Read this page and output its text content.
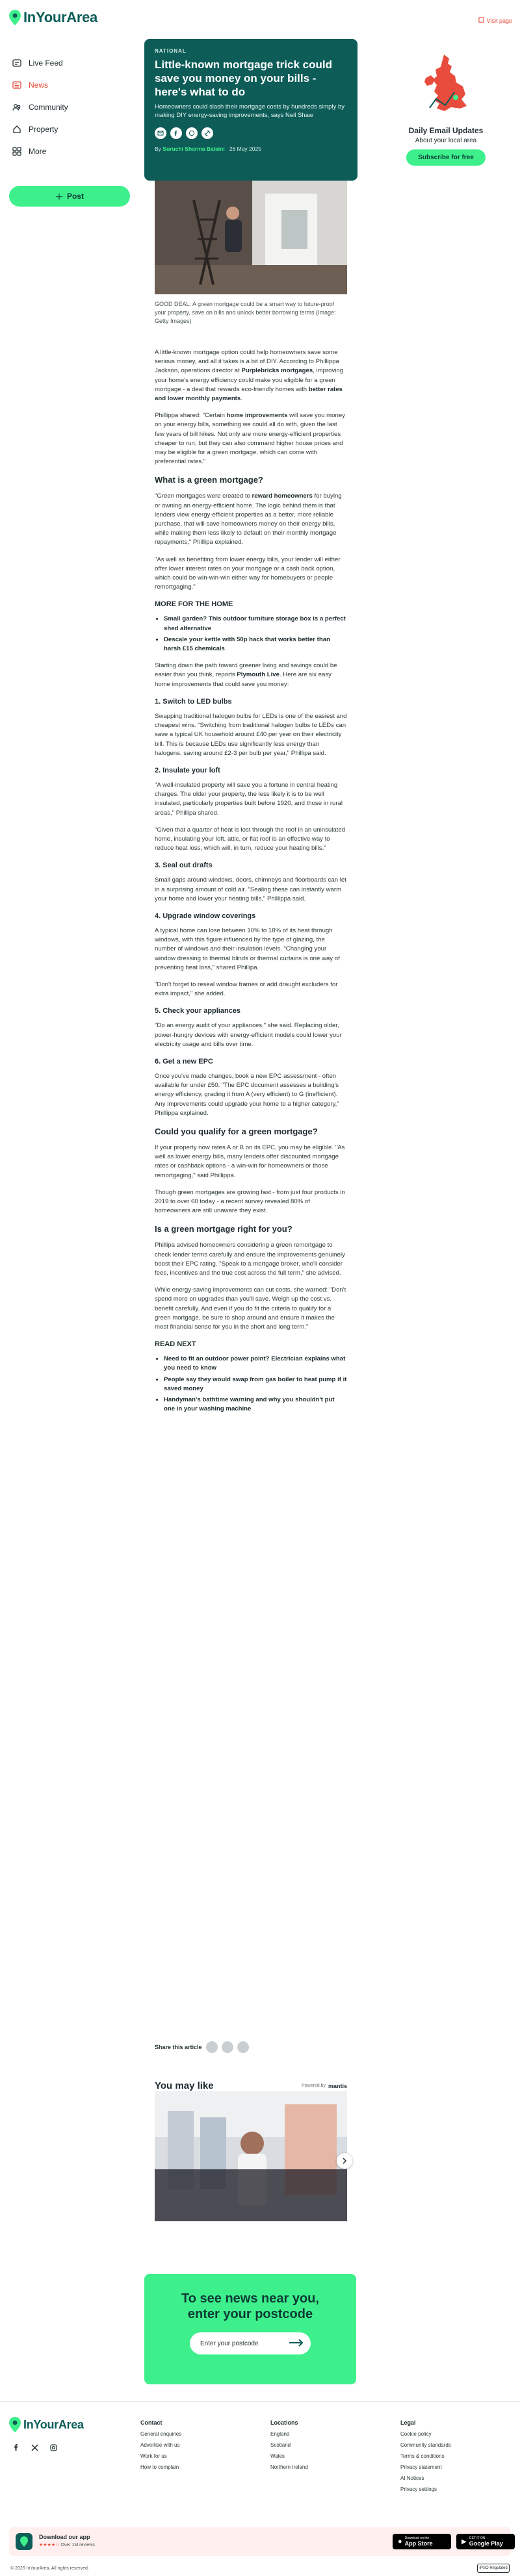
InYourArea	Visit page
Live Feed
News
Community
Property
More
＋ Post
Daily Email Updates
About your local area
Subscribe for free
NATIONAL
Little-known mortgage trick could save you money on your bills - here's what to do
Homeowners could slash their mortgage costs by hundreds simply by making DIY energy-saving improvements, says Neil Shaw
By Suruchi Sharma Balaini 26 May 2025
GOOD DEAL: A green mortgage could be a smart way to future-proof your property, save on bills and unlock better borrowing terms (Image: Getty Images)

A little-known mortgage option could help homeowners save some serious money, and all it takes is a bit of DIY. According to Phillippa Jackson, operations director at Purplebricks mortgages, improving your home's energy efficiency could make you eligible for a green mortgage - a deal that rewards eco-friendly homes with better rates and lower monthly payments.

Phillippa shared: "Certain home improvements will save you money on your energy bills, something we could all do with, given the last few years of bill hikes. Not only are more energy-efficient properties cheaper to run, but they can also command higher house prices and may be eligible for a green mortgage, which can come with preferential rates."

What is a green mortgage?

"Green mortgages were created to reward homeowners for buying or owning an energy-efficient home. The logic behind them is that lenders view energy-efficient properties as a better, more reliable purchase, that will save homeowners money on their energy bills, while making them less likely to default on their monthly mortgage repayments," Phillipa explained.

"As well as benefiting from lower energy bills, your lender will either offer lower interest rates on your mortgage or a cash back option, which could be win-win-win either way for homebuyers or people remortgaging."

MORE FOR THE HOME
• Small garden? This outdoor furniture storage box is a perfect shed alternative
• Descale your kettle with 50p hack that works better than harsh £15 chemicals

Starting down the path toward greener living and savings could be easier than you think, reports Plymouth Live. Here are six easy home improvements that could save you money:

1. Switch to LED bulbs

Swapping traditional halogen bulbs for LEDs is one of the easiest and cheapest wins. "Switching from traditional halogen bulbs to LEDs can save a typical UK household around £40 per year on their electricity bill. This is because LEDs use significantly less energy than halogens, saving around £2-3 per bulb per year," Phillipa said.

2. Insulate your loft

"A well-insulated property will save you a fortune in central heating charges. The older your property, the less likely it is to be well insulated, particularly properties built before 1920, and those in rural areas," Phillipa shared.

"Given that a quarter of heat is lost through the roof in an uninsulated home, insulating your loft, attic, or flat roof is an effective way to reduce heat loss, which will, in turn, reduce your heating bills."

3. Seal out drafts

Small gaps around windows, doors, chimneys and floorboards can let in a surprising amount of cold air. "Sealing these can instantly warm your home and lower your heating bills," Phillippa said.

4. Upgrade window coverings

A typical home can lose between 10% to 18% of its heat through windows, with this figure influenced by the type of glazing, the number of windows and their insulation levels. "Changing your window dressing to thermal blinds or thermal curtains is one way of preventing heat loss," shared Phillipa.

"Don't forget to reseal window frames or add draught excluders for extra impact," she added.

5. Check your appliances

"Do an energy audit of your appliances," she said. Replacing older, power-hungry devices with energy-efficient models could lower your electricity usage and bills over time.

6. Get a new EPC

Once you've made changes, book a new EPC assessment - often available for under £50. "The EPC document assesses a building's energy efficiency, grading it from A (very efficient) to G (inefficient). Any improvements could upgrade your home to a higher category," Phillippa explained.

Could you qualify for a green mortgage?

If your property now rates A or B on its EPC, you may be eligible. "As well as lower energy bills, many lenders offer discounted mortgage rates or cashback options - a win-win for homeowners or those remortgaging," said Phillippa.

Though green mortgages are growing fast - from just four products in 2019 to over 60 today - a recent survey revealed 80% of homeowners are still unaware they exist.

Is a green mortgage right for you?

Phillipa advised homeowners considering a green remortgage to check lender terms carefully and ensure the improvements genuinely boost their EPC rating. "Speak to a mortgage broker, who'll consider fees, incentives and the true cost across the full term," she advised.

While energy-saving improvements can cut costs, she warned: "Don't spend more on upgrades than you'll save. Weigh up the cost vs. benefit carefully. And even if you do fit the criteria to qualify for a green mortgage, be sure to shop around and ensure it makes the most financial sense for you in the short and long term."

READ NEXT
• Need to fit an outdoor power point? Electrician explains what you need to know
• People say they would swap from gas boiler to heat pump if it saved money
• Handyman's bathtime warning and why you shouldn't put one in your washing machine
Share this article
You may like	Powered by mantis
To see news near you,
enter your postcode
Enter your postcode
InYourArea	Contact
General enquiries
Advertise with us
Work for us
How to complain
Locations
England
Scotland
Wales
Northern Ireland
Legal
Cookie policy
Community standards
Terms & conditions
Privacy statement
AI Notices
Privacy settings
Download our app
★★★★☆ Over 1M reviews	● Download on the
App Store	▶ GET IT ON
Google Play
© 2025 InYourArea. All rights reserved.	IPSO Regulated
